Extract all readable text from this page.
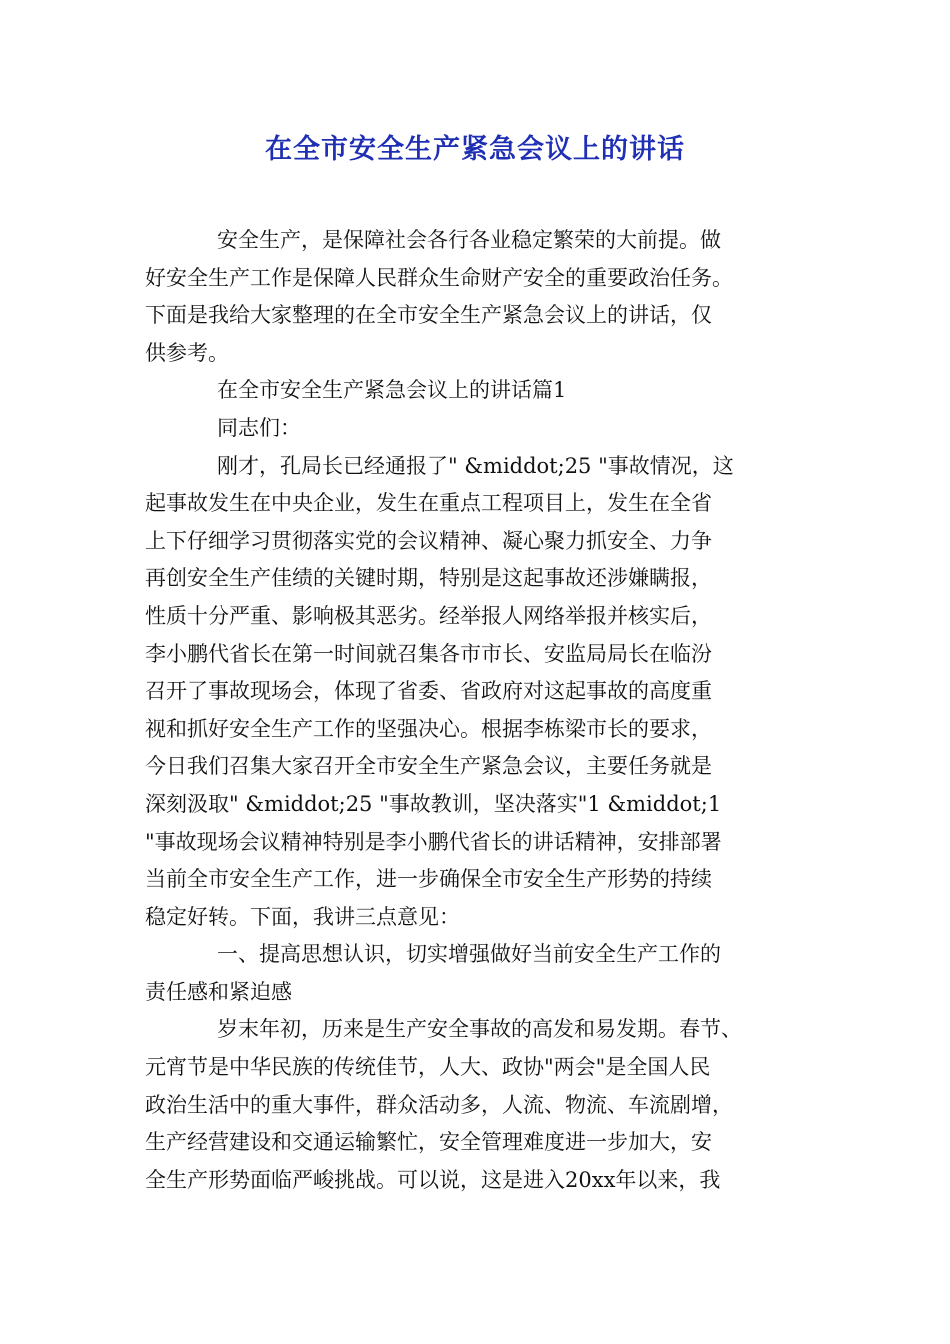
在全市安全生产紧急会议上的讲话
安全生产，是保障社会各行各业稳定繁荣的大前提。做
好安全生产工作是保障人民群众生命财产安全的重要政治任务。
下面是我给大家整理的在全市安全生产紧急会议上的讲话，仅
供参考。
在全市安全生产紧急会议上的讲话篇1
同志们：
刚才，孔局长已经通报了" &middot;25 "事故情况，这
起事故发生在中央企业，发生在重点工程项目上，发生在全省
上下仔细学习贯彻落实党的会议精神、凝心聚力抓安全、力争
再创安全生产佳绩的关键时期，特别是这起事故还涉嫌瞒报，
性质十分严重、影响极其恶劣。经举报人网络举报并核实后，
李小鹏代省长在第一时间就召集各市市长、安监局局长在临汾
召开了事故现场会，体现了省委、省政府对这起事故的高度重
视和抓好安全生产工作的坚强决心。根据李栋梁市长的要求，
今日我们召集大家召开全市安全生产紧急会议，主要任务就是
深刻汲取" &middot;25 "事故教训，坚决落实"1 &middot;1
"事故现场会议精神特别是李小鹏代省长的讲话精神，安排部署
当前全市安全生产工作，进一步确保全市安全生产形势的持续
稳定好转。下面，我讲三点意见：
一、提高思想认识，切实增强做好当前安全生产工作的
责任感和紧迫感
岁末年初，历来是生产安全事故的高发和易发期。春节、
元宵节是中华民族的传统佳节，人大、政协"两会"是全国人民
政治生活中的重大事件，群众活动多，人流、物流、车流剧增，
生产经营建设和交通运输繁忙，安全管理难度进一步加大，安
全生产形势面临严峻挑战。可以说，这是进入20xx年以来，我
